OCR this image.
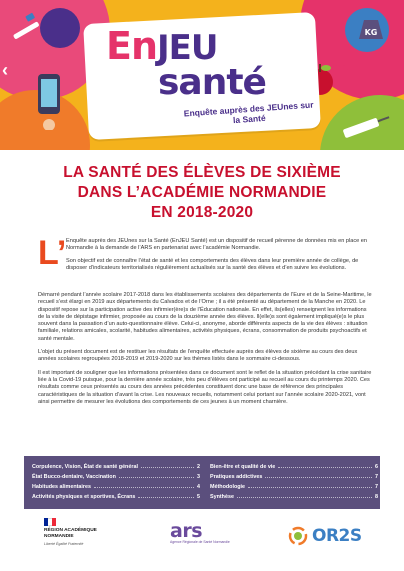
KG
‹
EnJEU
santé
Enquête auprès des JEUnes sur la Santé
LA SANTÉ DES ÉLÈVES DE SIXIÈME
DANS L’ACADÉMIE NORMANDIE
EN 2018-2020
L’ Enquête auprès des JEUnes sur la Santé (EnJEU Santé) est un dispositif de recueil pérenne de données mis en place en Normandie à la demande de l’ARS en partenariat avec l’académie Normandie.

Son objectif est de connaître l’état de santé et les comportements des élèves dans leur première année de collège, de disposer d’indicateurs territorialisés régulièrement actualisés sur la santé des élèves et d’en suivre les évolutions.

Démarré pendant l’année scolaire 2017-2018 dans les établissements scolaires des départements de l’Eure et de la Seine-Maritime, le recueil s’est élargi en 2019 aux départements du Calvados et de l’Orne ; il a été présenté au département de la Manche en 2020. Le dispositif repose sur la participation active des infirmier(ère)s de l’Éducation nationale. En effet, ils(elles) renseignent les informations de la visite de dépistage infirmier, proposée au cours de la douzième année des élèves. Il(elle)s sont également impliqué(e)s le plus souvent dans la passation d’un auto-questionnaire élève. Celui-ci, anonyme, aborde différents aspects de la vie des élèves : situation familiale, relations amicales, scolarité, habitudes alimentaires, activités physiques, écrans, consommation de produits psychoactifs et santé mentale.

L’objet du présent document est de restituer les résultats de l’enquête effectuée auprès des élèves de sixième au cours des deux années scolaires regroupées 2018-2019 et 2019-2020 sur les thèmes listés dans le sommaire ci-dessous.

Il est important de souligner que les informations présentées dans ce document sont le reflet de la situation précédant la crise sanitaire liée à la Covid-19 puisque, pour la dernière année scolaire, très peu d’élèves ont participé au recueil au cours du printemps 2020. Ces résultats comme ceux présentés au cours des années précédentes constituent donc une base de référence des principales caractéristiques de la situation d’avant la crise. Les nouveaux recueils, notamment celui portant sur l’année scolaire 2020-2021, vont ainsi permettre de mesurer les évolutions des comportements de ces jeunes à un moment charnière.

Corpulence, Vision, État de santé général	2
État Bucco-dentaire, Vaccination	3
Habitudes alimentaires	4
Activités physiques et sportives, Écrans	5
Bien-être et qualité de vie	6
Pratiques addictives	7
Méthodologie	7
Synthèse	8
RÉGION ACADÉMIQUE
NORMANDIE
Liberté Égalité Fraternité
ars
Agence Régionale de Santé Normandie	OR2S
